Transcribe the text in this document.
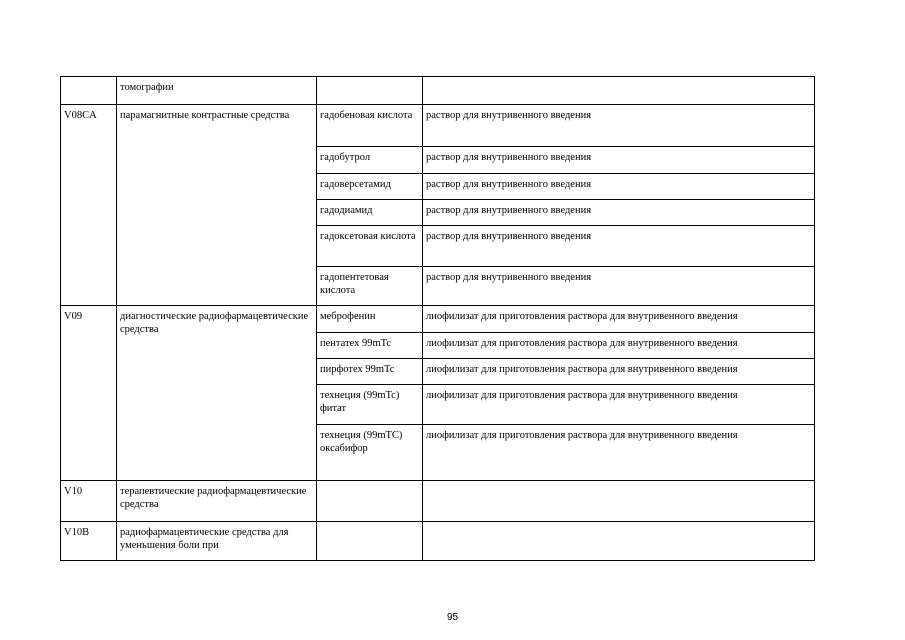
	томографии		
V08CA	парамагнитные контрастные средства	гадобеновая кислота	раствор для внутривенного введения
		гадобутрол	раствор для внутривенного введения
		гадоверсетамид	раствор для внутривенного введения
		гадодиамид	раствор для внутривенного введения
		гадоксетовая кислота	раствор для внутривенного введения
		гадопентетовая кислота	раствор для внутривенного введения
V09	диагностические радиофармацевтические средства	меброфенин	лиофилизат для приготовления раствора для внутривенного введения
		пентатех 99mTc	лиофилизат для приготовления раствора для внутривенного введения
		пирфотех 99mTc	лиофилизат для приготовления раствора для внутривенного введения
		технеция (99mTc) фитат	лиофилизат для приготовления раствора для внутривенного введения
		технеция (99mTC) оксабифор	лиофилизат для приготовления раствора для внутривенного введения
V10	терапевтические радиофармацевтические средства		
V10B	радиофармацевтические средства для уменьшения боли при		
95
